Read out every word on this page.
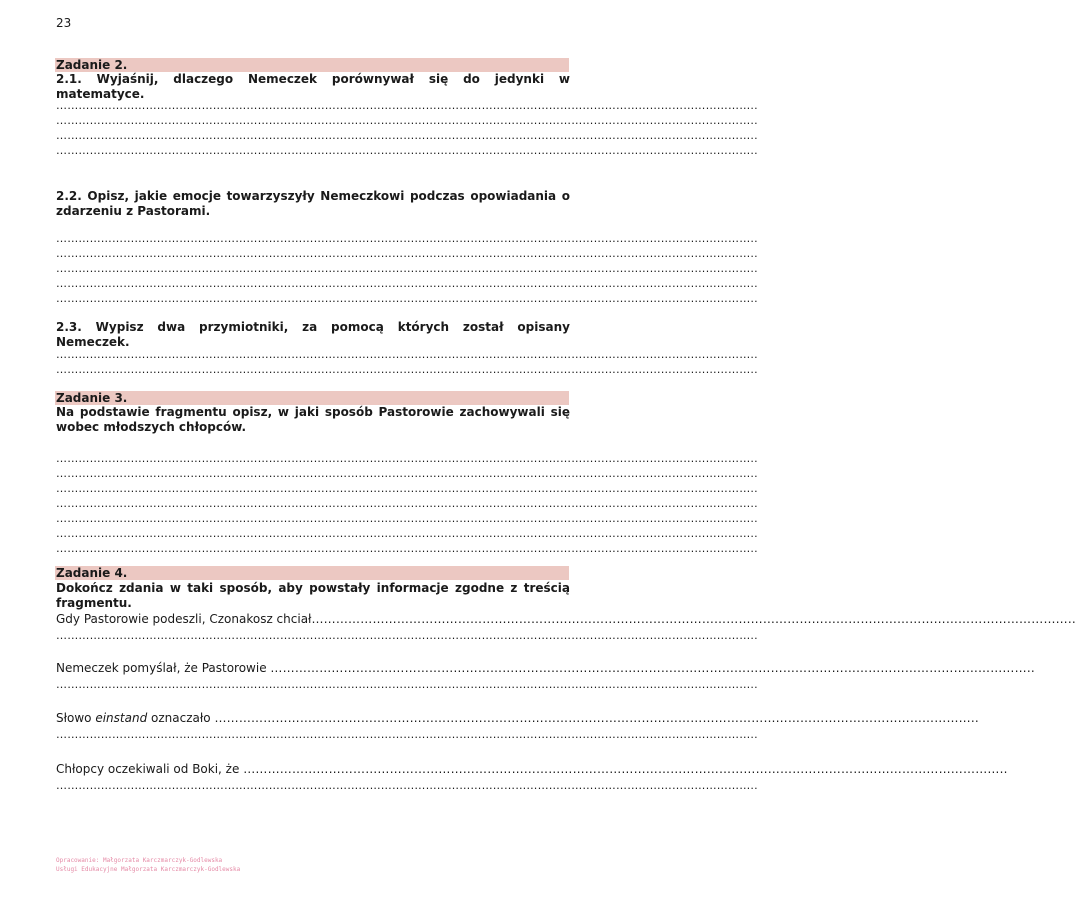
23
Zadanie 2.
2.1. Wyjaśnij, dlaczego Nemeczek porównywał się do jedynki w matematyce.
……………………………………………………………………………………………………………………………………………………………………..
……………………………………………………………………………………………………………………………………………………………………..
……………………………………………………………………………………………………………………………………………………………………..
……………………………………………………………………………………………………………………………………………………………………..
2.2. Opisz, jakie emocje towarzyszyły Nemeczkowi podczas opowiadania o zdarzeniu z Pastorami.
……………………………………………………………………………………………………………………………………………………………………..
……………………………………………………………………………………………………………………………………………………………………..
……………………………………………………………………………………………………………………………………………………………………..
……………………………………………………………………………………………………………………………………………………………………..
……………………………………………………………………………………………………………………………………………………………………..
2.3. Wypisz dwa przymiotniki, za pomocą których został opisany Nemeczek.
……………………………………………………………………………………………………………………………………………………………………..
……………………………………………………………………………………………………………………………………………………………………..
Zadanie 3.
Na podstawie fragmentu opisz, w jaki sposób Pastorowie zachowywali się wobec młodszych chłopców.
……………………………………………………………………………………………………………………………………………………………………..
……………………………………………………………………………………………………………………………………………………………………..
……………………………………………………………………………………………………………………………………………………………………..
……………………………………………………………………………………………………………………………………………………………………..
……………………………………………………………………………………………………………………………………………………………………..
……………………………………………………………………………………………………………………………………………………………………..
……………………………………………………………………………………………………………………………………………………………………..
Zadanie 4.
Dokończ zdania w taki sposób, aby powstały informacje zgodne z treścią fragmentu.
Gdy Pastorowie podeszli, Czonakosz chciał……………………………………………………………………………………………………………………………………………………………………..
……………………………………………………………………………………………………………………………………………………………………..
Nemeczek pomyślał, że Pastorowie ……………………………………………………………………………………………………………………………………………………………………..
……………………………………………………………………………………………………………………………………………………………………..
Słowo einstand oznaczało ……………………………………………………………………………………………………………………………………………………………………..
……………………………………………………………………………………………………………………………………………………………………..
Chłopcy oczekiwali od Boki, że ……………………………………………………………………………………………………………………………………………………………………..
……………………………………………………………………………………………………………………………………………………………………..
Opracowanie: Małgorzata Karczmarczyk-Godlewska
Usługi Edukacyjne Małgorzata Karczmarczyk-Godlewska
